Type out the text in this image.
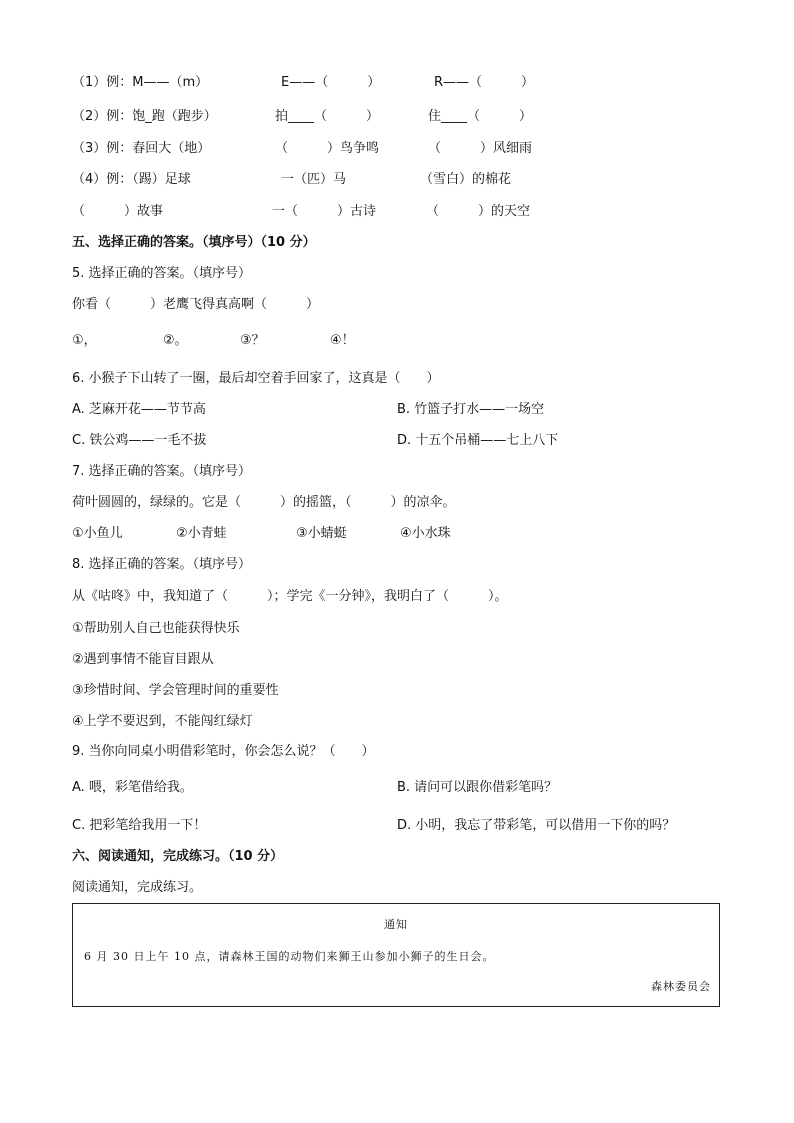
（1）例：M——（m）	E——（　　　）	R——（　　　）
（2）例：饱_跑（跑步）	拍____（　　　）	住____（　　　）
（3）例：春回大（地）	（　　　）鸟争鸣	（　　　）风细雨
（4）例：（踢）足球	一（匹）马	（雪白）的棉花
（　　　）故事	一（　　　）古诗	（　　　）的天空
五、选择正确的答案。（填序号）（10 分）
5. 选择正确的答案。（填序号）
你看（　　　）老鹰飞得真高啊（　　　）
①，	②。	③？	④！
6. 小猴子下山转了一圈，最后却空着手回家了，这真是（　　）
A. 芝麻开花——节节高	B. 竹篮子打水——一场空
C. 铁公鸡——一毛不拔	D. 十五个吊桶——七上八下
7. 选择正确的答案。（填序号）
荷叶圆圆的，绿绿的。它是（　　　）的摇篮，（　　　）的凉伞。
①小鱼儿	②小青蛙	③小蜻蜓	④小水珠
8. 选择正确的答案。（填序号）
从《咕咚》中，我知道了（　　　）；学完《一分钟》，我明白了（　　　）。
①帮助别人自己也能获得快乐
②遇到事情不能盲目跟从
③珍惜时间、学会管理时间的重要性
④上学不要迟到，不能闯红绿灯
9. 当你向同桌小明借彩笔时，你会怎么说？（　　）
A. 喂，彩笔借给我。	B. 请问可以跟你借彩笔吗？
C. 把彩笔给我用一下！	D. 小明，我忘了带彩笔，可以借用一下你的吗？
六、阅读通知，完成练习。（10 分）
阅读通知，完成练习。
通知
6 月 30 日上午 10 点，请森林王国的动物们来狮王山参加小狮子的生日会。
森林委员会
